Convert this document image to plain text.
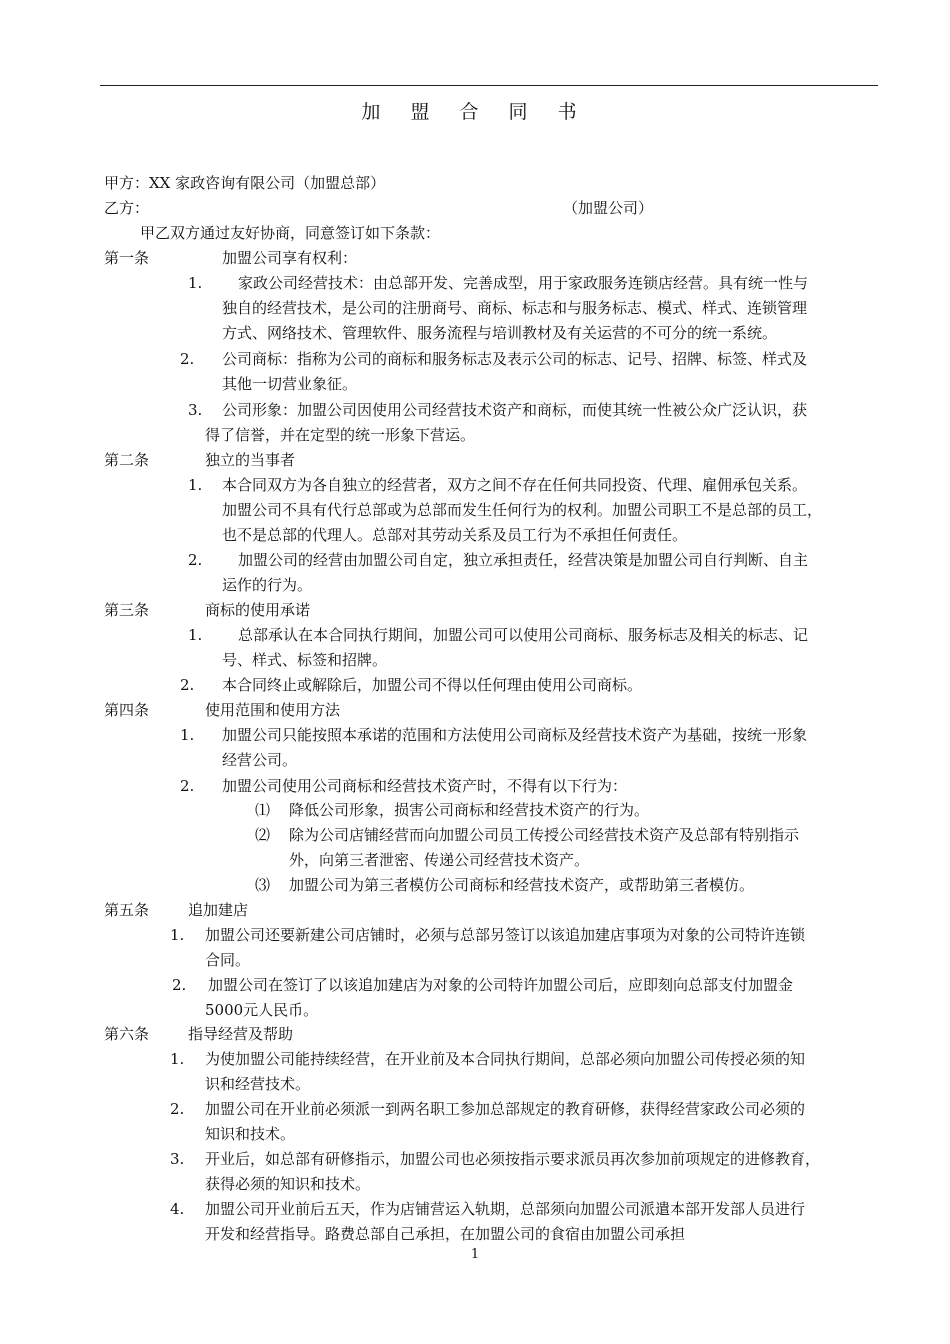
加 盟 合 同 书
甲方：XX 家政咨询有限公司（加盟总部）
乙方：	（加盟公司）
甲乙双方通过友好协商，同意签订如下条款：
第一条	加盟公司享有权利：
1. 家政公司经营技术：由总部开发、完善成型，用于家政服务连锁店经营。具有统一性与
独自的经营技术，是公司的注册商号、商标、标志和与服务标志、模式、样式、连锁管理
方式、网络技术、管理软件、服务流程与培训教材及有关运营的不可分的统一系统。
2. 公司商标：指称为公司的商标和服务标志及表示公司的标志、记号、招牌、标签、样式及
其他一切营业象征。
3. 公司形象：加盟公司因使用公司经营技术资产和商标，而使其统一性被公众广泛认识，获
得了信誉，并在定型的统一形象下营运。
第二条	独立的当事者
1. 本合同双方为各自独立的经营者，双方之间不存在任何共同投资、代理、雇佣承包关系。
加盟公司不具有代行总部或为总部而发生任何行为的权利。加盟公司职工不是总部的员工，
也不是总部的代理人。总部对其劳动关系及员工行为不承担任何责任。
2. 加盟公司的经营由加盟公司自定，独立承担责任，经营决策是加盟公司自行判断、自主
运作的行为。
第三条	商标的使用承诺
1. 总部承认在本合同执行期间，加盟公司可以使用公司商标、服务标志及相关的标志、记
号、样式、标签和招牌。
2. 本合同终止或解除后，加盟公司不得以任何理由使用公司商标。
第四条	使用范围和使用方法
1. 加盟公司只能按照本承诺的范围和方法使用公司商标及经营技术资产为基础，按统一形象
经营公司。
2. 加盟公司使用公司商标和经营技术资产时，不得有以下行为：
⑴ 降低公司形象，损害公司商标和经营技术资产的行为。
⑵ 除为公司店铺经营而向加盟公司员工传授公司经营技术资产及总部有特别指示
外，向第三者泄密、传递公司经营技术资产。
⑶ 加盟公司为第三者模仿公司商标和经营技术资产，或帮助第三者模仿。
第五条	追加建店
1. 加盟公司还要新建公司店铺时，必须与总部另签订以该追加建店事项为对象的公司特许连锁
合同。
2. 加盟公司在签订了以该追加建店为对象的公司特许加盟公司后，应即刻向总部支付加盟金
5000元人民币。
第六条	指导经营及帮助
1. 为使加盟公司能持续经营，在开业前及本合同执行期间，总部必须向加盟公司传授必须的知
识和经营技术。
2. 加盟公司在开业前必须派一到两名职工参加总部规定的教育研修，获得经营家政公司必须的
知识和技术。
3. 开业后，如总部有研修指示，加盟公司也必须按指示要求派员再次参加前项规定的进修教育，
获得必须的知识和技术。
4. 加盟公司开业前后五天，作为店铺营运入轨期，总部须向加盟公司派遣本部开发部人员进行
开发和经营指导。路费总部自己承担，在加盟公司的食宿由加盟公司承担
1
